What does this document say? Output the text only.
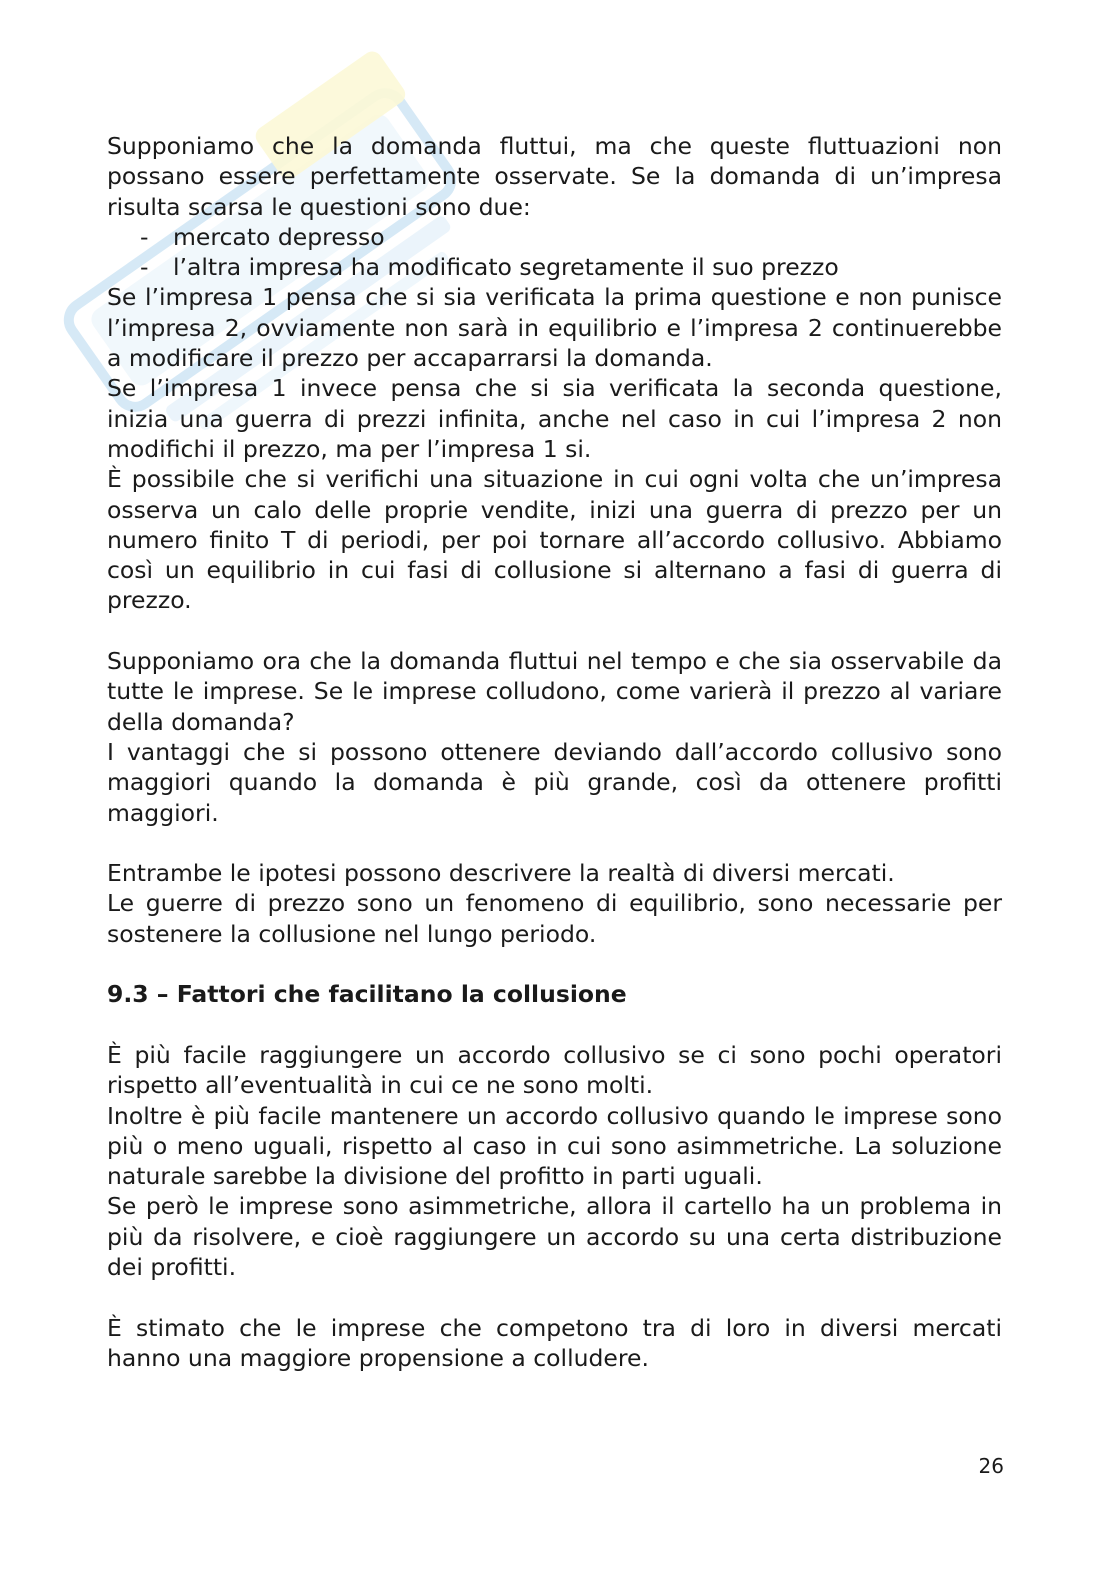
Supponiamo che la domanda fluttui, ma che queste fluttuazioni non possano essere perfettamente osservate. Se la domanda di un’impresa risulta scarsa le questioni sono due:

-	mercato depresso
-	l’altra impresa ha modificato segretamente il suo prezzo

Se l’impresa 1 pensa che si sia verificata la prima questione e non punisce l’impresa 2, ovviamente non sarà in equilibrio e l’impresa 2 continuerebbe a modificare il prezzo per accaparrarsi la domanda.

Se l’impresa 1 invece pensa che si sia verificata la seconda questione, inizia una guerra di prezzi infinita, anche nel caso in cui l’impresa 2 non modifichi il prezzo, ma per l’impresa 1 si.

È possibile che si verifichi una situazione in cui ogni volta che un’impresa osserva un calo delle proprie vendite, inizi una guerra di prezzo per un numero finito T di periodi, per poi tornare all’accordo collusivo. Abbiamo così un equilibrio in cui fasi di collusione si alternano a fasi di guerra di prezzo.

Supponiamo ora che la domanda fluttui nel tempo e che sia osservabile da tutte le imprese. Se le imprese colludono, come varierà il prezzo al variare della domanda?

I vantaggi che si possono ottenere deviando dall’accordo collusivo sono maggiori quando la domanda è più grande, così da ottenere profitti maggiori.

Entrambe le ipotesi possono descrivere la realtà di diversi mercati.

Le guerre di prezzo sono un fenomeno di equilibrio, sono necessarie per sostenere la collusione nel lungo periodo.

9.3 – Fattori che facilitano la collusione

È più facile raggiungere un accordo collusivo se ci sono pochi operatori rispetto all’eventualità in cui ce ne sono molti.

Inoltre è più facile mantenere un accordo collusivo quando le imprese sono più o meno uguali, rispetto al caso in cui sono asimmetriche. La soluzione naturale sarebbe la divisione del profitto in parti uguali.

Se però le imprese sono asimmetriche, allora il cartello ha un problema in più da risolvere, e cioè raggiungere un accordo su una certa distribuzione dei profitti.

È stimato che le imprese che competono tra di loro in diversi mercati hanno una maggiore propensione a colludere.

26
